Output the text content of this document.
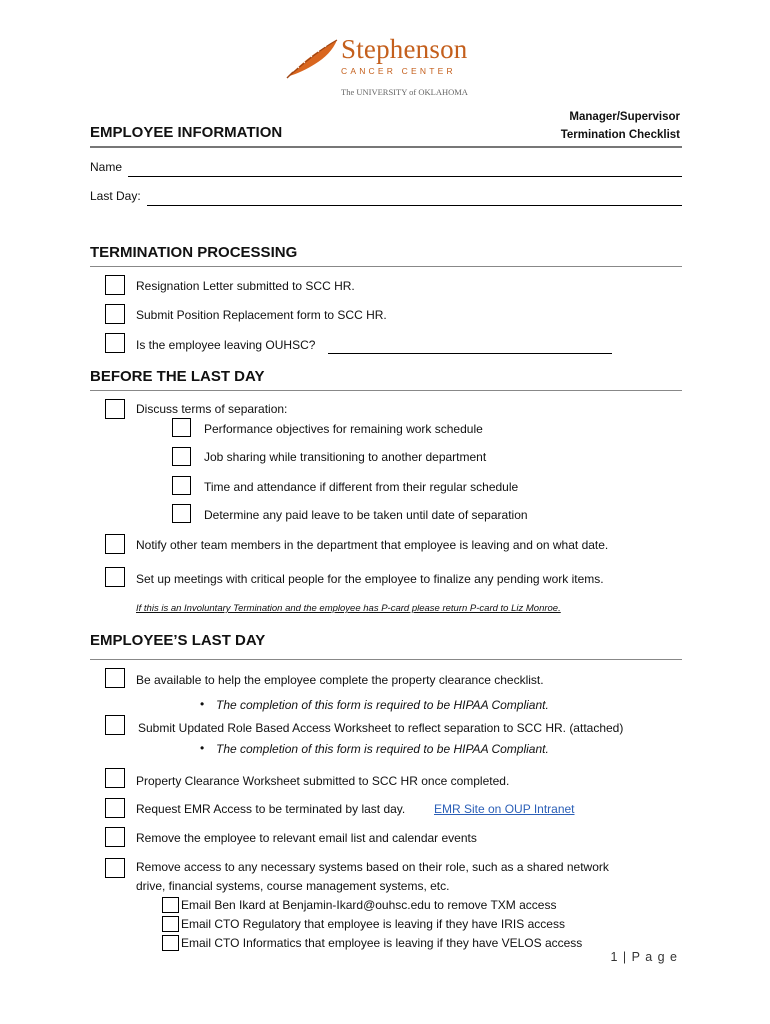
Stephenson
CANCER CENTER
The UNIVERSITY of OKLAHOMA
EMPLOYEE INFORMATION
Manager/Supervisor
Termination Checklist
Name
Last Day:
TERMINATION PROCESSING
Resignation Letter submitted to SCC HR.
Submit Position Replacement form to SCC HR.
Is the employee leaving OUHSC?
BEFORE THE LAST DAY
Discuss terms of separation:
Performance objectives for remaining work schedule
Job sharing while transitioning to another department
Time and attendance if different from their regular schedule
Determine any paid leave to be taken until date of separation
Notify other team members in the department that employee is leaving and on what date.
Set up meetings with critical people for the employee to finalize any pending work items.
If this is an Involuntary Termination and the employee has P-card please return P-card to Liz Monroe.
EMPLOYEE’S LAST DAY
Be available to help the employee complete the property clearance checklist.
• The completion of this form is required to be HIPAA Compliant.
Submit Updated Role Based Access Worksheet to reflect separation to SCC HR. (attached)
• The completion of this form is required to be HIPAA Compliant.
Property Clearance Worksheet submitted to SCC HR once completed.
Request EMR Access to be terminated by last day. EMR Site on OUP Intranet
Remove the employee to relevant email list and calendar events
Remove access to any necessary systems based on their role, such as a shared network
drive, financial systems, course management systems, etc.
Email Ben Ikard at Benjamin-Ikard@ouhsc.edu to remove TXM access
Email CTO Regulatory that employee is leaving if they have IRIS access
Email CTO Informatics that employee is leaving if they have VELOS access
1 | P a g e
